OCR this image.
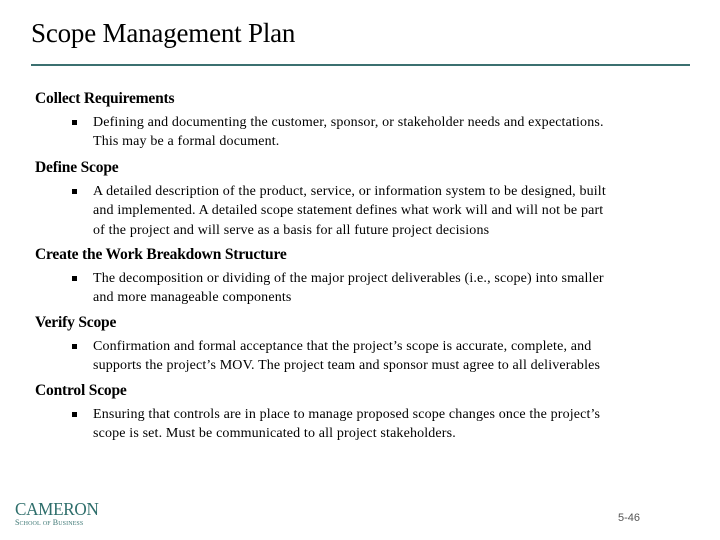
Scope Management Plan
Collect Requirements
Defining and documenting the customer, sponsor, or stakeholder needs and expectations.
This may be a formal document.
Define Scope
A detailed description of the product, service, or information system to be designed, built
and implemented. A detailed scope statement defines what work will and will not be part
of the project and will serve as a basis for all future project decisions
Create the Work Breakdown Structure
The decomposition or dividing of the major project deliverables (i.e., scope) into smaller
and more manageable components
Verify Scope
Confirmation and formal acceptance that the project’s scope is accurate, complete, and
supports the project’s MOV. The project team and sponsor must agree to all deliverables
Control Scope
Ensuring that controls are in place to manage proposed scope changes once the project’s
scope is set. Must be communicated to all project stakeholders.
CAMERON
School of Business	5-46
